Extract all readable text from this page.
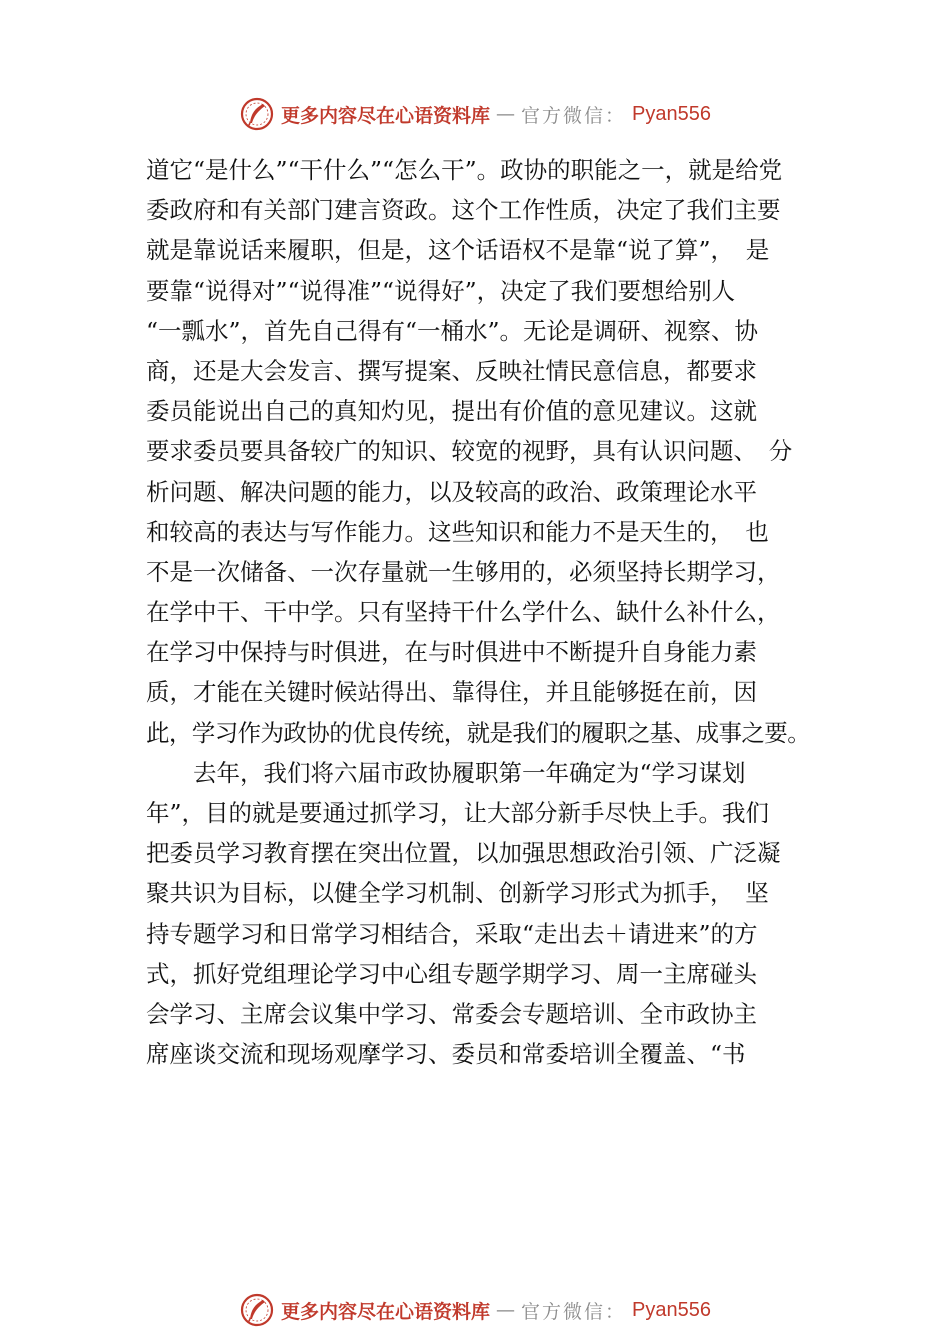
更多内容尽在心语资料库 — 官方微信： Pyan556
道它“是什么”“干什么”“怎么干”。政协的职能之一，就是给党
委政府和有关部门建言资政。这个工作性质，决定了我们主要
就是靠说话来履职，但是，这个话语权不是靠“说了算”，　是
要靠“说得对”“说得准”“说得好”，决定了我们要想给别人
“一瓢水”，首先自己得有“一桶水”。无论是调研、视察、协
商，还是大会发言、撰写提案、反映社情民意信息，都要求
委员能说出自己的真知灼见，提出有价值的意见建议。这就
要求委员要具备较广的知识、较宽的视野，具有认识问题、　分
析问题、解决问题的能力，以及较高的政治、政策理论水平
和较高的表达与写作能力。这些知识和能力不是天生的，　也
不是一次储备、一次存量就一生够用的，必须坚持长期学习，
在学中干、干中学。只有坚持干什么学什么、缺什么补什么，
在学习中保持与时俱进，在与时俱进中不断提升自身能力素
质，才能在关键时候站得出、靠得住，并且能够挺在前，因
此，学习作为政协的优良传统，就是我们的履职之基、成事之要。
去年，我们将六届市政协履职第一年确定为“学习谋划
年”，目的就是要通过抓学习，让大部分新手尽快上手。我们
把委员学习教育摆在突出位置，以加强思想政治引领、广泛凝
聚共识为目标，以健全学习机制、创新学习形式为抓手，　坚
持专题学习和日常学习相结合，采取“走出去＋请进来”的方
式，抓好党组理论学习中心组专题学期学习、周一主席碰头
会学习、主席会议集中学习、常委会专题培训、全市政协主
席座谈交流和现场观摩学习、委员和常委培训全覆盖、“书
更多内容尽在心语资料库 — 官方微信： Pyan556
